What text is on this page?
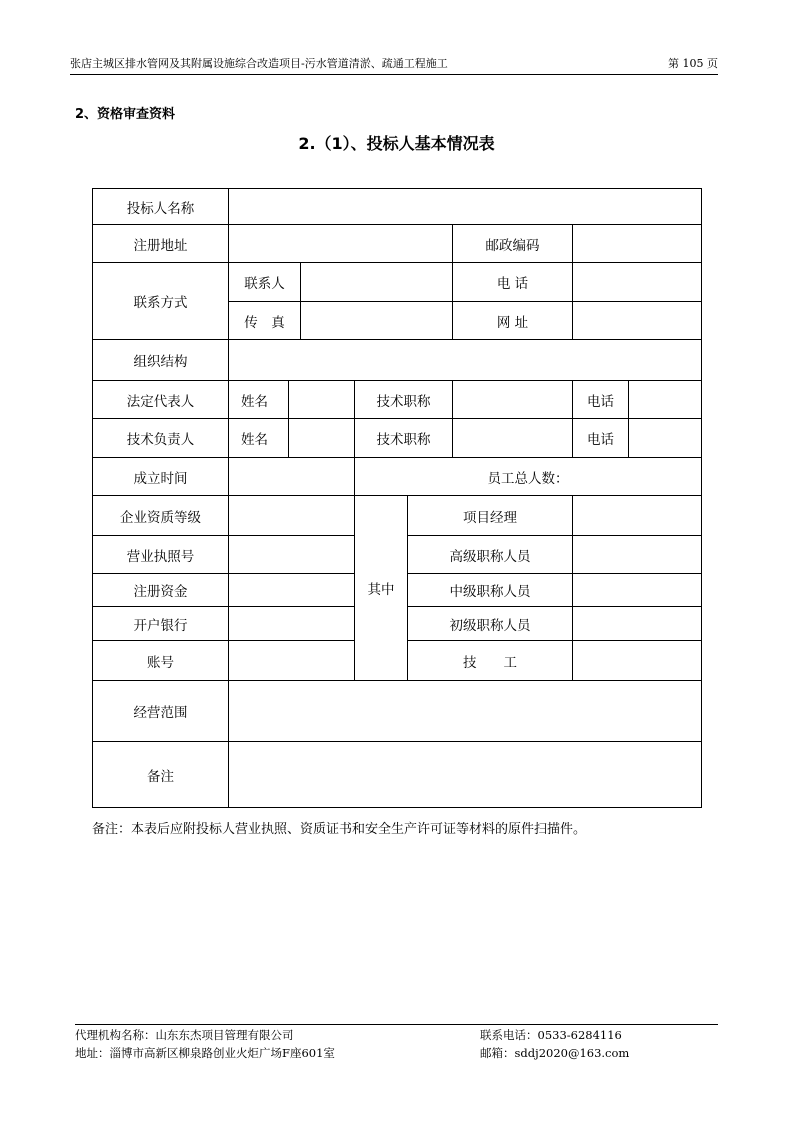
张店主城区排水管网及其附属设施综合改造项目-污水管道清淤、疏通工程施工	第 105 页
2、资格审查资料
2.（1）、投标人基本情况表
投标人名称								
注册地址						邮政编码		
联系方式	联系人					电 话		
	传　真					网 址		
组织结构								
法定代表人	姓名			技术职称			电话	
技术负责人	姓名			技术职称			电话	
成立时间				员工总人数：				
企业资质等级				其中	项目经理			
营业执照号					高级职称人员			
注册资金					中级职称人员			
开户银行					初级职称人员			
账号					技　　工			
经营范围								
备注								
备注：本表后应附投标人营业执照、资质证书和安全生产许可证等材料的原件扫描件。
代理机构名称：山东东杰项目管理有限公司	联系电话：0533-6284116
地址：淄博市高新区柳泉路创业火炬广场F座601室	邮箱：sddj2020@163.com
